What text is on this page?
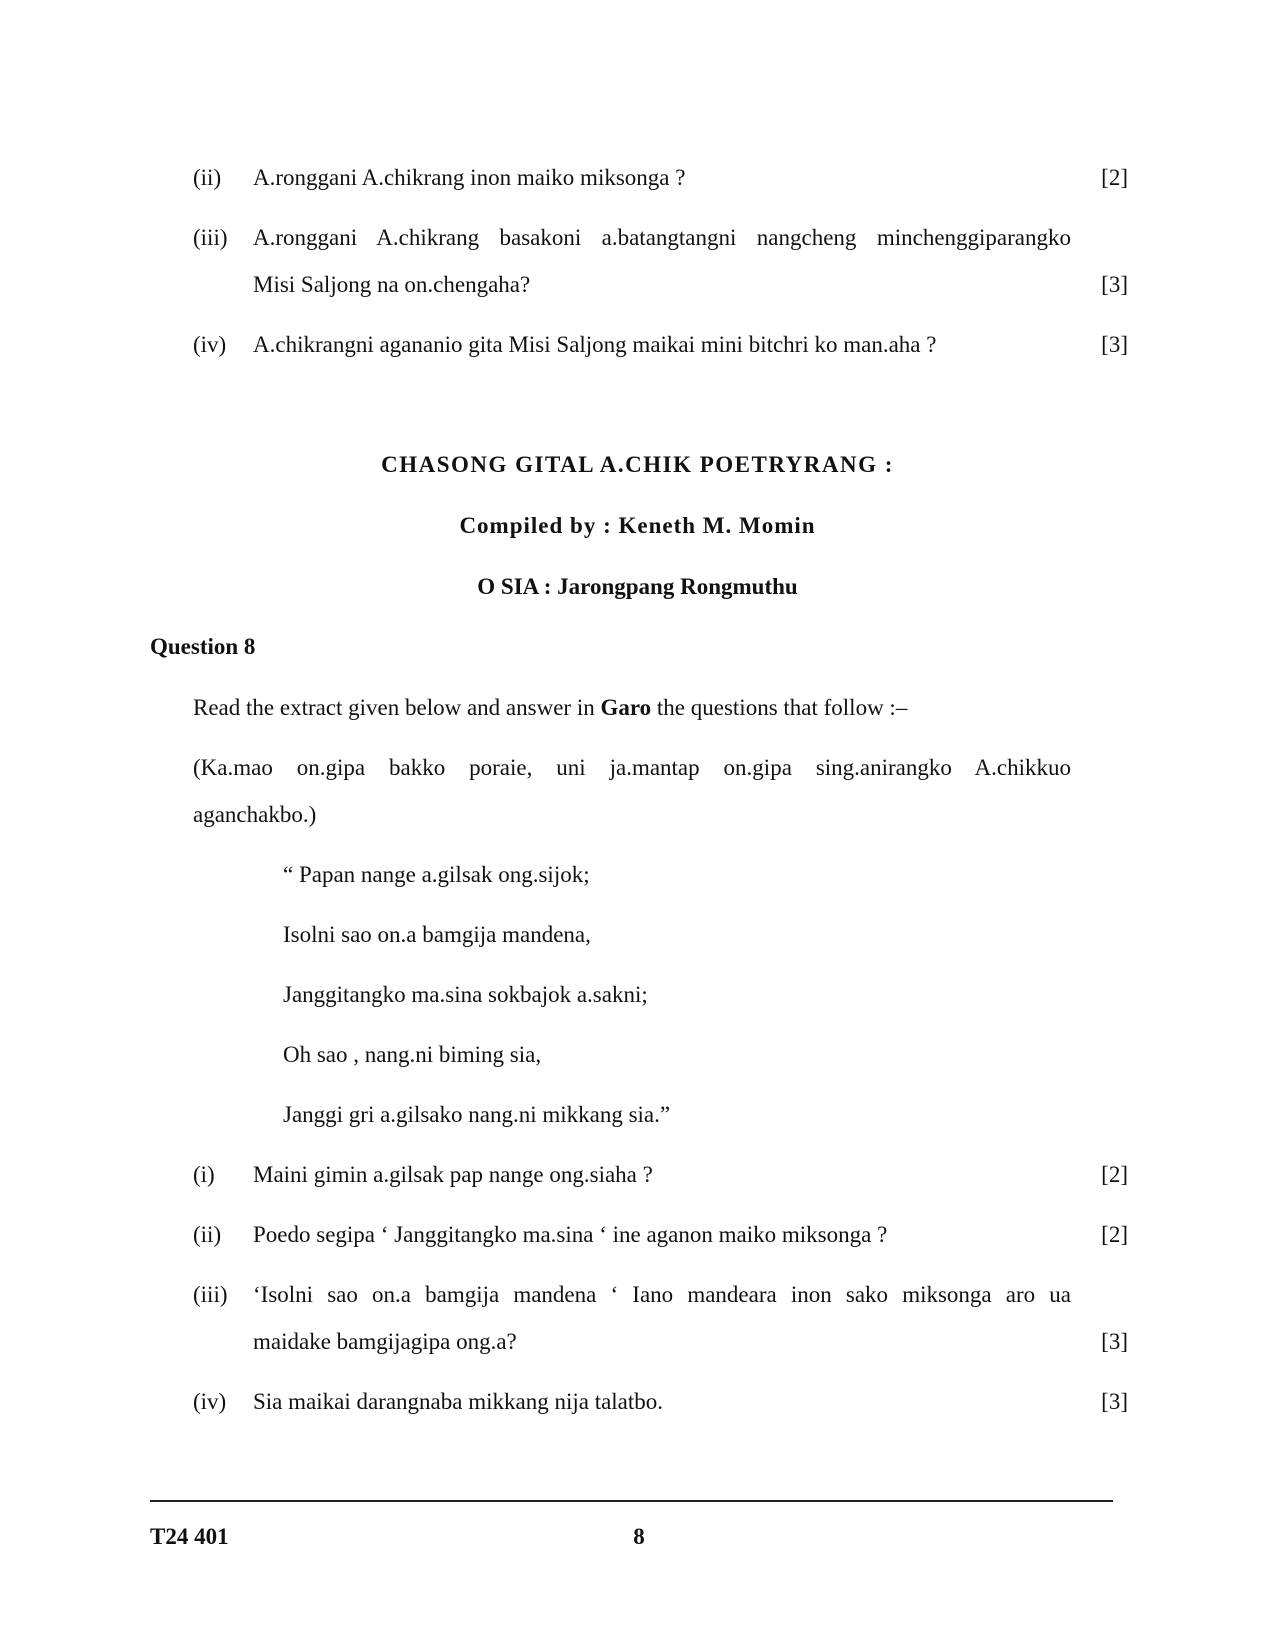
(ii) A.ronggani A.chikrang inon maiko miksonga ?	[2]
(iii) A.ronggani A.chikrang basakoni a.batangtangni nangcheng minchenggiparangko
Misi Saljong na on.chengaha?	[3]
(iv) A.chikrangni agananio gita Misi Saljong maikai mini bitchri ko man.aha ?	[3]
CHASONG GITAL A.CHIK POETRYRANG :
Compiled by : Keneth M. Momin
O SIA : Jarongpang Rongmuthu
Question 8
Read the extract given below and answer in Garo the questions that follow :–
(Ka.mao on.gipa bakko poraie, uni ja.mantap on.gipa sing.anirangko A.chikkuo
aganchakbo.)
“ Papan nange a.gilsak ong.sijok;
Isolni sao on.a bamgija mandena,
Janggitangko ma.sina sokbajok a.sakni;
Oh sao , nang.ni biming sia,
Janggi gri a.gilsako nang.ni mikkang sia.”
(i) Maini gimin a.gilsak pap nange ong.siaha ?	[2]
(ii) Poedo segipa ‘ Janggitangko ma.sina ‘ ine aganon maiko miksonga ?	[2]
(iii) ‘Isolni sao on.a bamgija mandena ‘ Iano mandeara inon sako miksonga aro ua
maidake bamgijagipa ong.a?	[3]
(iv) Sia maikai darangnaba mikkang nija talatbo.	[3]
T24 401	8
